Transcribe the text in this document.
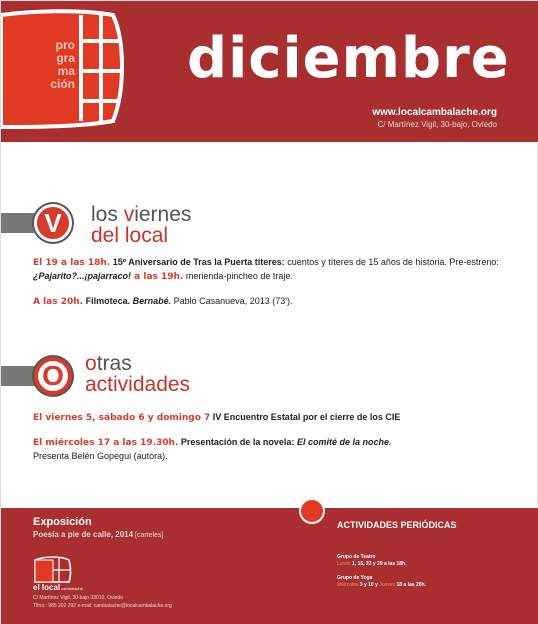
pro
gra
ma
ción diciembre
www.localcambalache.org
C/ Martínez Vigil, 30-bajo, Oviedo
V	los viernes
del local
El 19 a las 18h. 15º Aniversario de Tras la Puerta títeres: cuentos y títeres de 15 años de historia. Pre-estreno: ¿Pajarito?...¡pajarraco! a las 19h. merienda-pincheo de traje.
A las 20h. Filmoteca. Bernabé. Pablo Casanueva, 2013 (73').
O	otras
actividades
El viernes 5, sábado 6 y domingo 7 IV Encuentro Estatal por el cierre de los CIE
El miércoles 17 a las 19.30h. Presentación de la novela: El comité de la noche.
Presenta Belén Gopegui (autora).
Exposición
Poesía a pie de calle, 2014 [carteles]
ACTIVIDADES PERIÓDICAS
Grupo de Teatro
Lunes 1, 15, 22 y 29 a las 18h.

Grupo de Yoga
Miércoles 3 y 10 y Jueves 18 a las 20h.
el local cambalache
C/ Martínez Vigil, 30-bajo 33010, Oviedo
Tlfno.: 985 202 292 e-mail: cambalache@localcambalache.org
